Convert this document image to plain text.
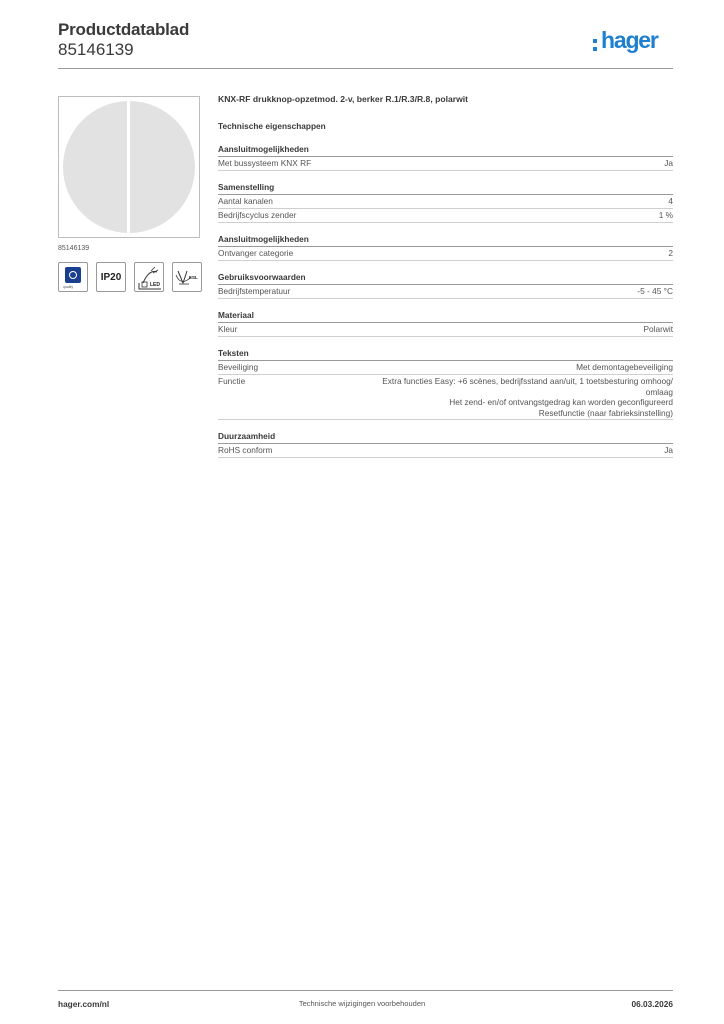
Productdatablad
85146139	hager
85146139
quality
IP20
LED
ESL
KNX-RF drukknop-opzetmod. 2-v, berker R.1/R.3/R.8, polarwit
Technische eigenschappen
Aansluitmogelijkheden
Met bussysteem KNX RF	Ja
Samenstelling
Aantal kanalen	4
Bedrijfscyclus zender	1 %
Aansluitmogelijkheden
Ontvanger categorie	2
Gebruiksvoorwaarden
Bedrijfstemperatuur	-5 - 45 °C
Materiaal
Kleur	Polarwit
Teksten
Beveiliging	Met demontagebeveiliging
Functie	Extra functies Easy: +6 scènes, bedrijfsstand aan/uit, 1 toetsbesturing omhoog/
omlaag
Het zend- en/of ontvangstgedrag kan worden geconfigureerd
Resetfunctie (naar fabrieksinstelling)
Duurzaamheid
RoHS conform	Ja
hager.com/nl	Technische wijzigingen voorbehouden	06.03.2026
